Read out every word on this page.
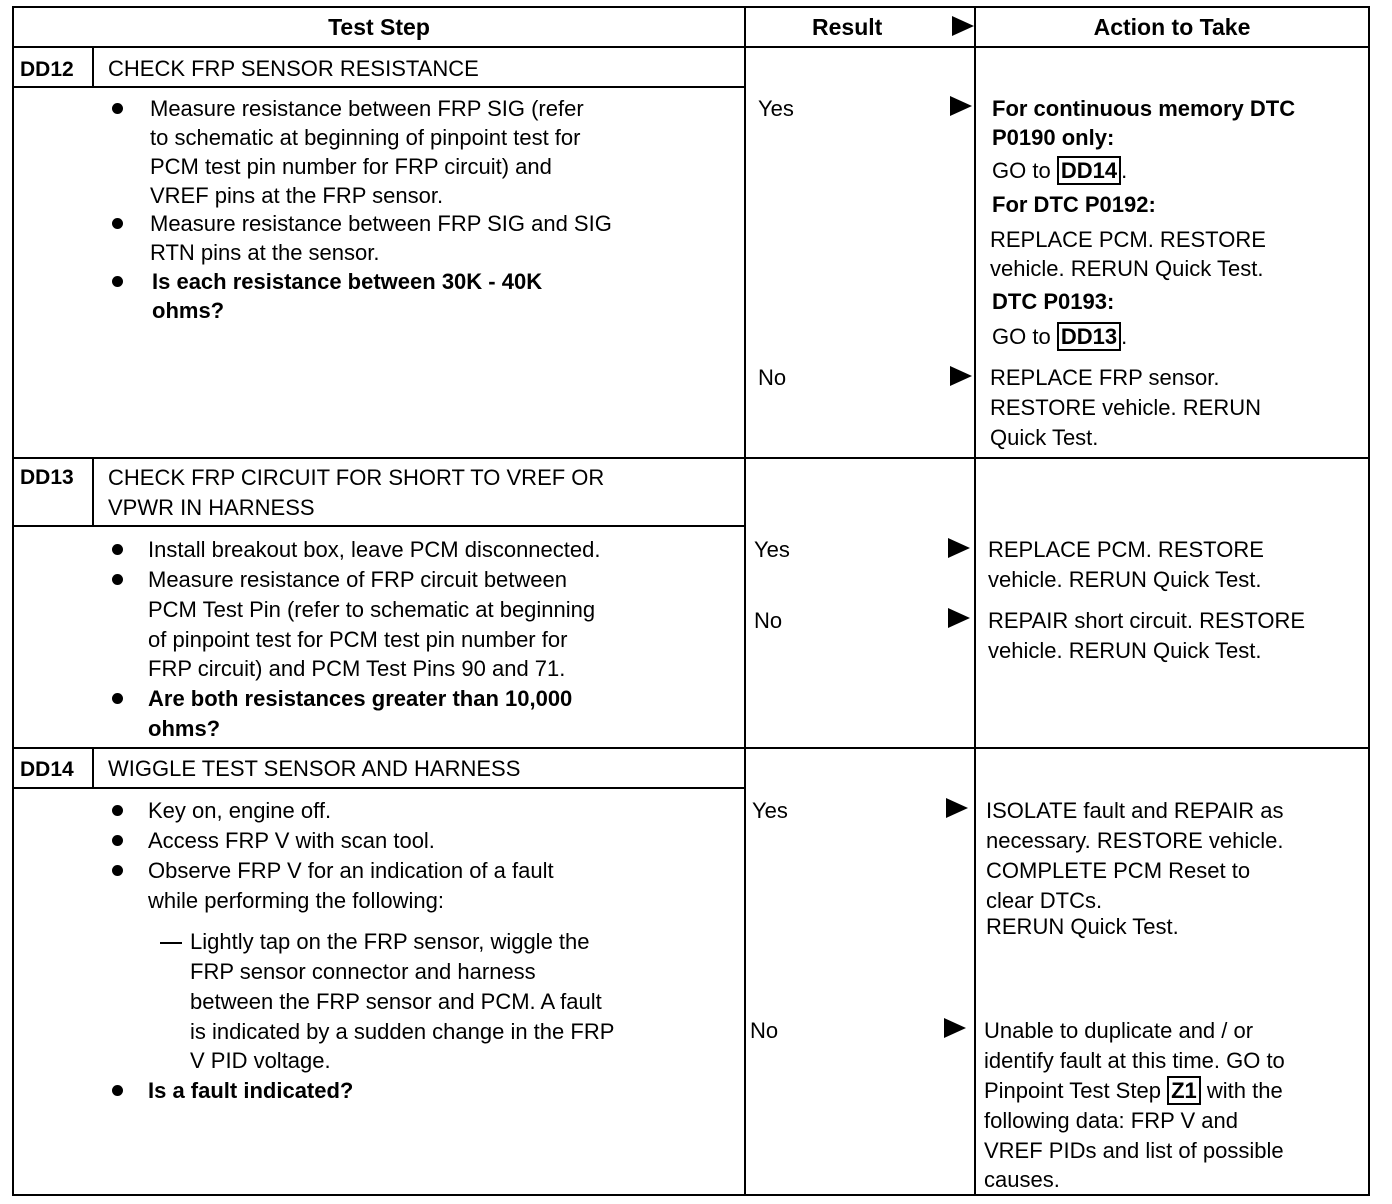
Test Step	Result	Action to Take
DD12 CHECK FRP SENSOR RESISTANCE
Measure resistance between FRP SIG (refer
to schematic at beginning of pinpoint test for
PCM test pin number for FRP circuit) and
VREF pins at the FRP sensor.
Measure resistance between FRP SIG and SIG
RTN pins at the sensor.
Is each resistance between 30K - 40K
ohms?
Yes	For continuous memory DTC
P0190 only:
GO to DD14 .
For DTC P0192:
REPLACE PCM. RESTORE
vehicle. RERUN Quick Test.
DTC P0193:
GO to DD13 .
No	REPLACE FRP sensor.
RESTORE vehicle. RERUN
Quick Test.
DD13 CHECK FRP CIRCUIT FOR SHORT TO VREF OR
VPWR IN HARNESS
Install breakout box, leave PCM disconnected.
Measure resistance of FRP circuit between
PCM Test Pin (refer to schematic at beginning
of pinpoint test for PCM test pin number for
FRP circuit) and PCM Test Pins 90 and 71.
Are both resistances greater than 10,000
ohms?
Yes	REPLACE PCM. RESTORE
vehicle. RERUN Quick Test.
No	REPAIR short circuit. RESTORE
vehicle. RERUN Quick Test.
DD14 WIGGLE TEST SENSOR AND HARNESS
Key on, engine off.
Access FRP V with scan tool.
Observe FRP V for an indication of a fault
while performing the following:
Lightly tap on the FRP sensor, wiggle the
FRP sensor connector and harness
between the FRP sensor and PCM. A fault
is indicated by a sudden change in the FRP
V PID voltage.
Is a fault indicated?
Yes	ISOLATE fault and REPAIR as
necessary. RESTORE vehicle.
COMPLETE PCM Reset to
clear DTCs.
RERUN Quick Test.
No	Unable to duplicate and / or
identify fault at this time. GO to
Pinpoint Test Step Z1 with the
following data: FRP V and
VREF PIDs and list of possible
causes.
